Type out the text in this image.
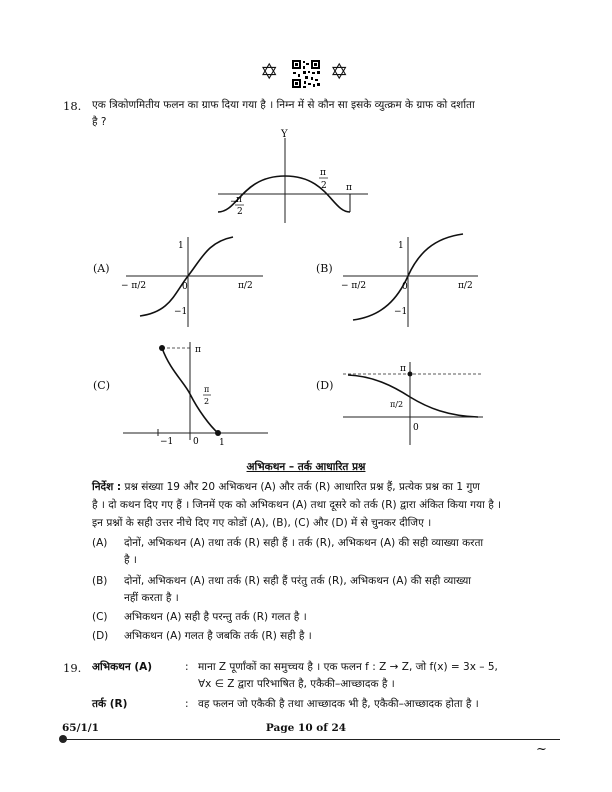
✡ ✡
18. एक त्रिकोणमितीय फलन का ग्राफ दिया गया है । निम्न में से कौन सा इसके व्युत्क्रम के ग्राफ को दर्शाता
है ?
Y
−
π
2
π
2 π
(A)
1
−1
− π/2	π/2
0
(B)
1
−1
− π/2	π/2
0
(C)
π
π
2
−1 0 1
(D)
π
π/2
0
अभिकथन – तर्क आधारित प्रश्न
निर्देश : प्रश्न संख्या 19 और 20 अभिकथन (A) और तर्क (R) आधारित प्रश्न हैं, प्रत्येक प्रश्न का 1 गुण
है । दो कथन दिए गए हैं । जिनमें एक को अभिकथन (A) तथा दूसरे को तर्क (R) द्वारा अंकित किया गया है ।
इन प्रश्नों के सही उत्तर नीचे दिए गए कोडों (A), (B), (C) और (D) में से चुनकर दीजिए ।
(A) दोनों, अभिकथन (A) तथा तर्क (R) सही हैं । तर्क (R), अभिकथन (A) की सही व्याख्या करता
है ।
(B) दोनों, अभिकथन (A) तथा तर्क (R) सही हैं परंतु तर्क (R), अभिकथन (A) की सही व्याख्या
नहीं करता है ।
(C) अभिकथन (A) सही है परन्तु तर्क (R) गलत है ।
(D) अभिकथन (A) गलत है जबकि तर्क (R) सही है ।
19. अभिकथन (A)	: माना Z पूर्णांकों का समुच्चय है । एक फलन f : Z → Z, जो f(x) = 3x – 5,
∀x ∈ Z द्वारा परिभाषित है, एकैकी–आच्छादक है ।
तर्क (R)	: वह फलन जो एकैकी है तथा आच्छादक भी है, एकैकी–आच्छादक होता है ।
65/1/1	Page 10 of 24
~
